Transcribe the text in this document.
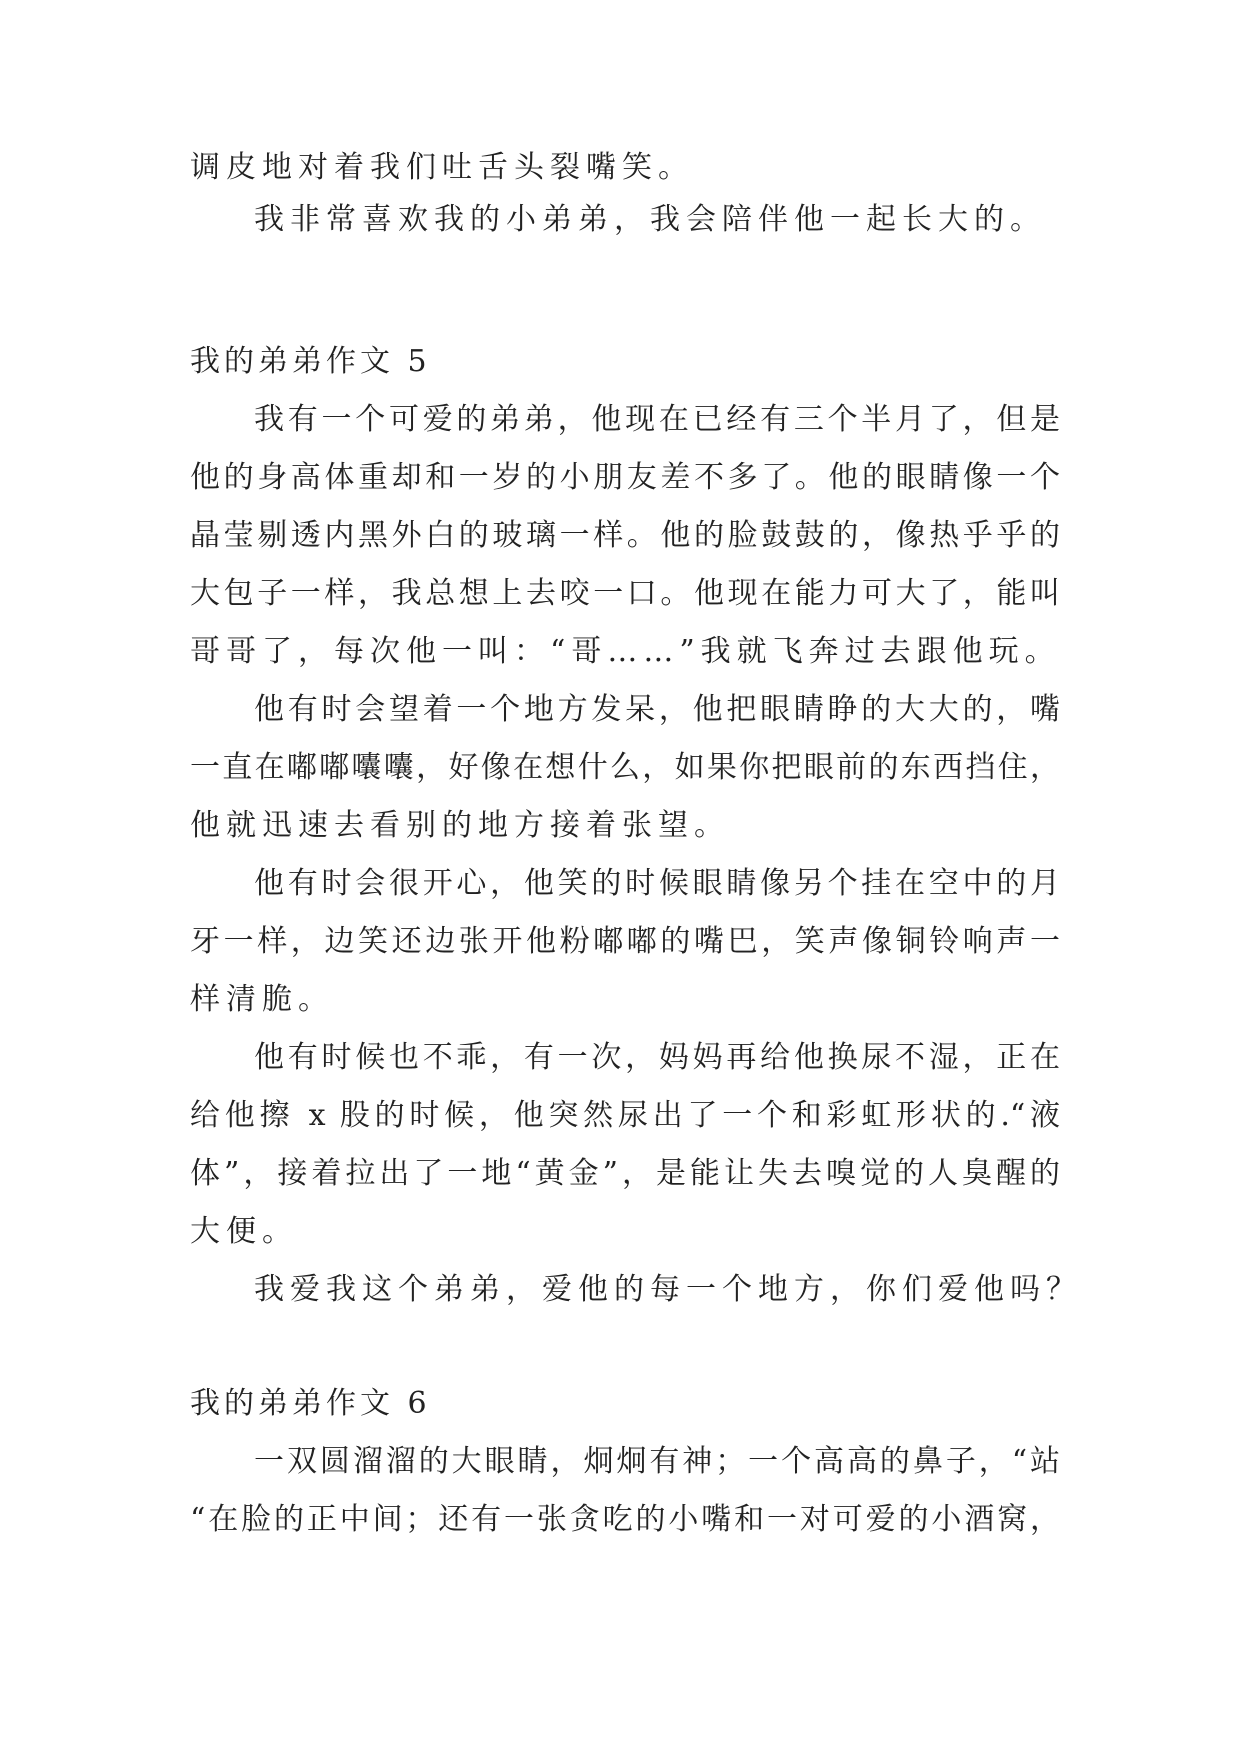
调皮地对着我们吐舌头裂嘴笑。
我非常喜欢我的小弟弟，我会陪伴他一起长大的。
我的弟弟作文 5
我有一个可爱的弟弟，他现在已经有三个半月了，但是
他的身高体重却和一岁的小朋友差不多了。他的眼睛像一个
晶莹剔透内黑外白的玻璃一样。他的脸鼓鼓的，像热乎乎的
大包子一样，我总想上去咬一口。他现在能力可大了，能叫
哥哥了，每次他一叫：“哥……”我就飞奔过去跟他玩。
他有时会望着一个地方发呆，他把眼睛睁的大大的，嘴
一直在嘟嘟囔囔，好像在想什么，如果你把眼前的东西挡住，
他就迅速去看别的地方接着张望。
他有时会很开心，他笑的时候眼睛像另个挂在空中的月
牙一样，边笑还边张开他粉嘟嘟的嘴巴，笑声像铜铃响声一
样清脆。
他有时候也不乖，有一次，妈妈再给他换尿不湿，正在
给他擦 x 股的时候，他突然尿出了一个和彩虹形状的.“液
体”，接着拉出了一地“黄金”，是能让失去嗅觉的人臭醒的
大便。
我爱我这个弟弟，爱他的每一个地方，你们爱他吗？
我的弟弟作文 6
一双圆溜溜的大眼睛，炯炯有神；一个高高的鼻子，“站
“在脸的正中间；还有一张贪吃的小嘴和一对可爱的小酒窝，
